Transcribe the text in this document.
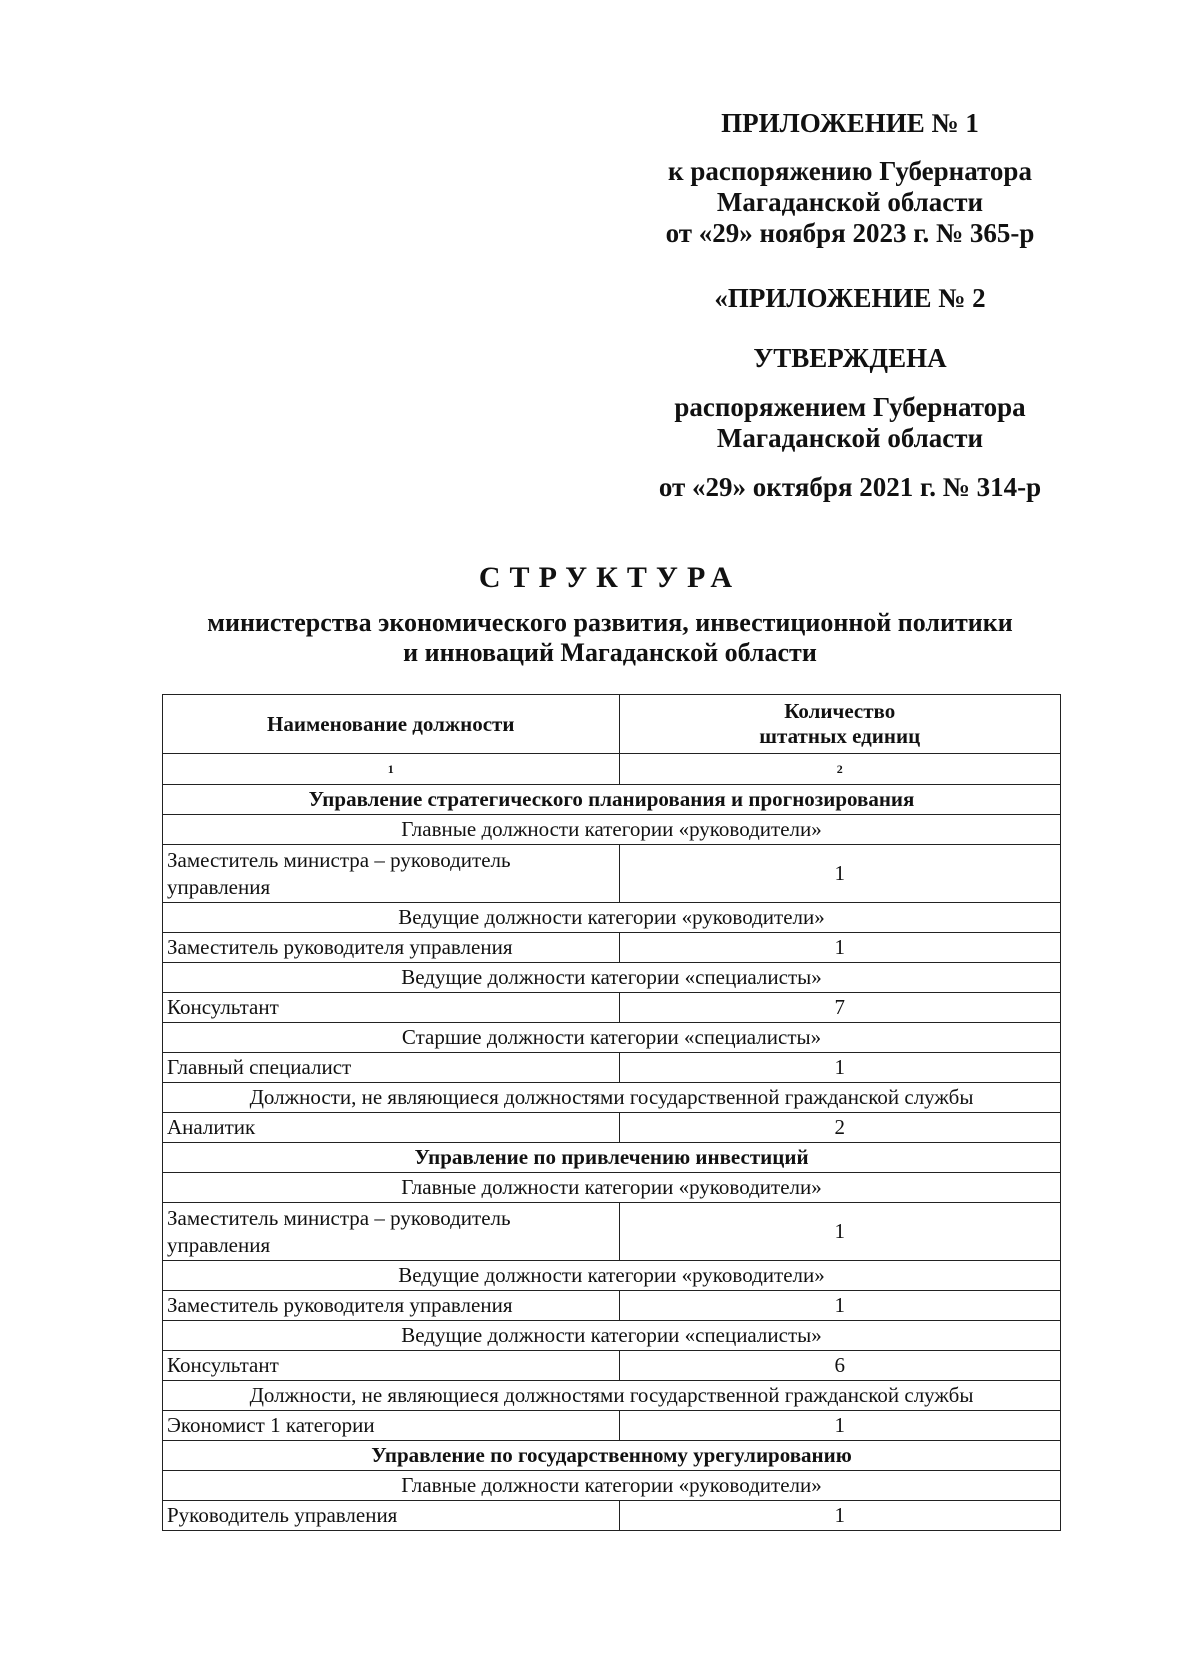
ПРИЛОЖЕНИЕ № 1

к распоряжению Губернатора

Магаданской области

от «29» ноября 2023 г. № 365-р

«ПРИЛОЖЕНИЕ № 2

УТВЕРЖДЕНА

распоряжением Губернатора

Магаданской области

от «29» октября 2021 г. № 314-р

СТРУКТУРА
министерства экономического развития, инвестиционной политики
и инноваций Магаданской области
Наименование должности	Количество
штатных единиц

1	2
Управление стратегического планирования и прогнозирования	
Главные должности категории «руководители»	
Заместитель министра – руководитель управления	1
Ведущие должности категории «руководители»	
Заместитель руководителя управления	1
Ведущие должности категории «специалисты»	
Консультант	7
Старшие должности категории «специалисты»	
Главный специалист	1
Должности, не являющиеся должностями государственной гражданской службы	
Аналитик	2
Управление по привлечению инвестиций	
Главные должности категории «руководители»	
Заместитель министра – руководитель управления	1
Ведущие должности категории «руководители»	
Заместитель руководителя управления	1
Ведущие должности категории «специалисты»	
Консультант	6
Должности, не являющиеся должностями государственной гражданской службы	
Экономист 1 категории	1
Управление по государственному урегулированию	
Главные должности категории «руководители»	
Руководитель управления	1
